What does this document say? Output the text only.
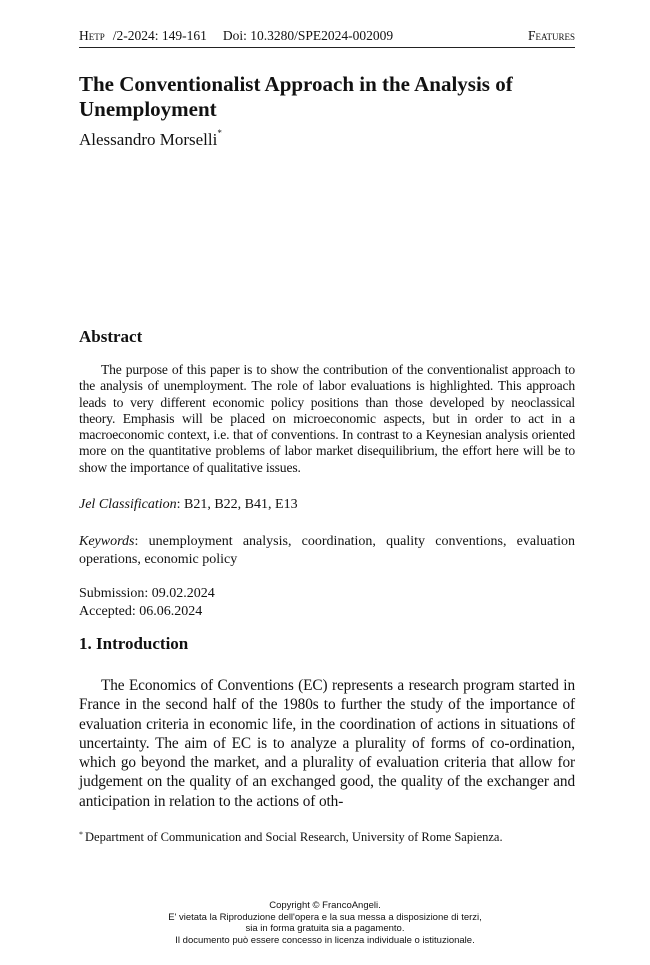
Hetp /2-2024: 149-161 Doi: 10.3280/SPE2024-002009	Features
The Conventionalist Approach in the Analysis of Unemployment
Alessandro Morselli*
Abstract

The purpose of this paper is to show the contribution of the conventionalist approach to the analysis of unemployment. The role of labor evaluations is highlighted. This approach leads to very different economic policy positions than those developed by neoclassical theory. Emphasis will be placed on microeconomic aspects, but in order to act in a macroeconomic context, i.e. that of conventions. In contrast to a Keynesian analysis oriented more on the quantitative problems of labor market disequilibrium, the effort here will be to show the importance of qualitative issues.

Jel Classification: B21, B22, B41, E13

Keywords: unemployment analysis, coordination, quality conventions, evaluation operations, economic policy

Submission: 09.02.2024
Accepted: 06.06.2024
1. Introduction

The Economics of Conventions (EC) represents a research program started in France in the second half of the 1980s to further the study of the importance of evaluation criteria in economic life, in the coordination of actions in situations of uncertainty. The aim of EC is to analyze a plurality of forms of co-ordination, which go beyond the market, and a plurality of evaluation criteria that allow for judgement on the quality of an exchanged good, the quality of the exchanger and anticipation in relation to the actions of oth-

* Department of Communication and Social Research, University of Rome Sapienza.
Copyright © FrancoAngeli.
E' vietata la Riproduzione dell'opera e la sua messa a disposizione di terzi,
sia in forma gratuita sia a pagamento.
Il documento può essere concesso in licenza individuale o istituzionale.
